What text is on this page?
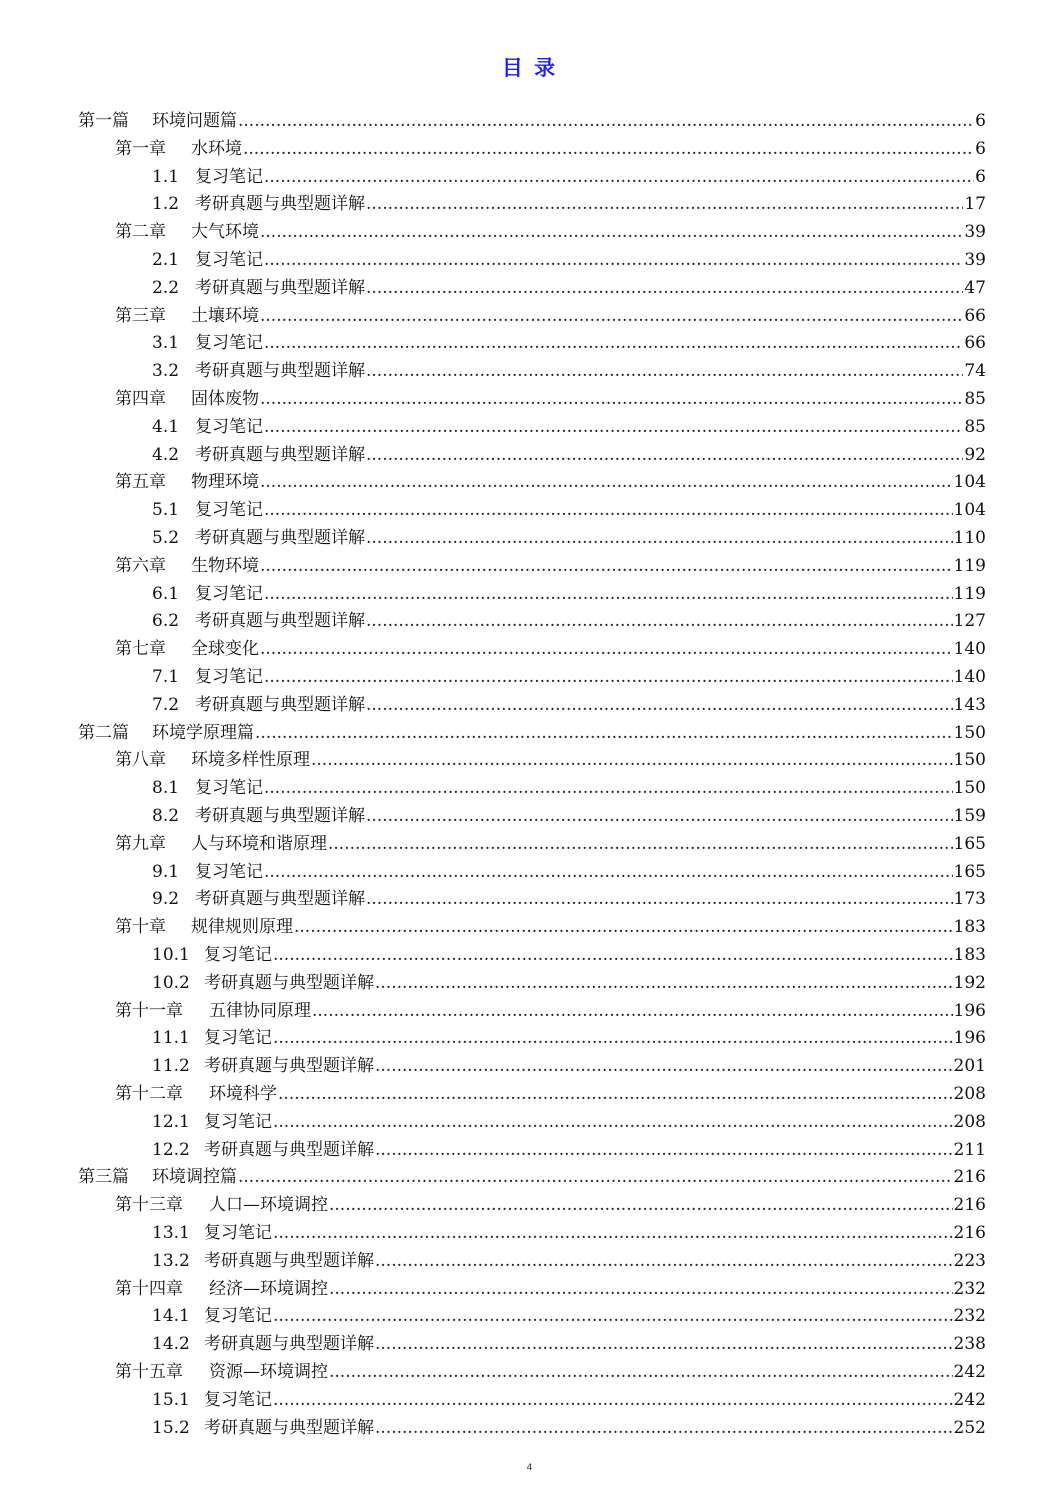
目 录
第一篇	环境问题篇 .....	6
第一章	水环境 .....	6
1.1 复习笔记 .....	6
1.2 考研真题与典型题详解 .....	17
第二章	大气环境 .....	39
2.1 复习笔记 .....	39
2.2 考研真题与典型题详解 .....	47
第三章	土壤环境 .....	66
3.1 复习笔记 .....	66
3.2 考研真题与典型题详解 .....	74
第四章	固体废物 .....	85
4.1 复习笔记 .....	85
4.2 考研真题与典型题详解 .....	92
第五章	物理环境 .....	104
5.1 复习笔记 .....	104
5.2 考研真题与典型题详解 .....	110
第六章	生物环境 .....	119
6.1 复习笔记 .....	119
6.2 考研真题与典型题详解 .....	127
第七章	全球变化 .....	140
7.1 复习笔记 .....	140
7.2 考研真题与典型题详解 .....	143
第二篇	环境学原理篇 .....	150
第八章	环境多样性原理 .....	150
8.1 复习笔记 .....	150
8.2 考研真题与典型题详解 .....	159
第九章	人与环境和谐原理 .....	165
9.1 复习笔记 .....	165
9.2 考研真题与典型题详解 .....	173
第十章	规律规则原理 .....	183
10.1 复习笔记 .....	183
10.2 考研真题与典型题详解 .....	192
第十一章	五律协同原理 .....	196
11.1 复习笔记 .....	196
11.2 考研真题与典型题详解 .....	201
第十二章	环境科学 .....	208
12.1 复习笔记 .....	208
12.2 考研真题与典型题详解 .....	211
第三篇	环境调控篇 .....	216
第十三章	人口—环境调控 .....	216
13.1 复习笔记 .....	216
13.2 考研真题与典型题详解 .....	223
第十四章	经济—环境调控 .....	232
14.1 复习笔记 .....	232
14.2 考研真题与典型题详解 .....	238
第十五章	资源—环境调控 .....	242
15.1 复习笔记 .....	242
15.2 考研真题与典型题详解 .....	252
4
